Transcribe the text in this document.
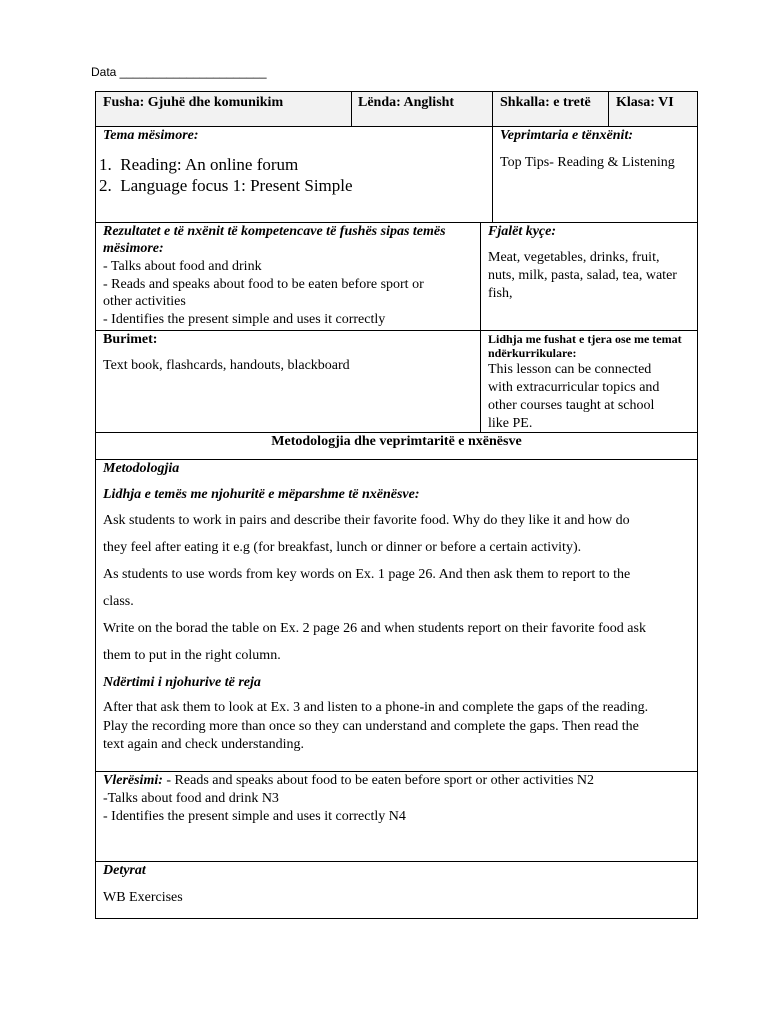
Data ______________________
Fusha: Gjuhë dhe komunikim	Lënda: Anglisht	Shkalla: e tretë Klasa: VI
Tema mësimore:
1.  Reading: An online forum
2.  Language focus 1: Present Simple
Veprimtaria e tënxënit:
Top Tips- Reading & Listening
Rezultatet e të nxënit të kompetencave të fushës sipas temës
mësimore:
- Talks about food and drink
- Reads and speaks about food to be eaten before sport or
other activities
- Identifies the present simple and uses it correctly
Fjalët kyçe:
Meat, vegetables, drinks, fruit,
nuts, milk, pasta, salad, tea, water
fish,
Burimet:
Text book, flashcards, handouts, blackboard
Lidhja me fushat e tjera ose me temat
ndërkurrikulare:
This lesson can be connected
with extracurricular topics and
other courses taught at school
like PE.
Metodologjia dhe veprimtaritë e nxënësve
Metodologjia
Lidhja e temës me njohuritë e mëparshme të nxënësve:
Ask students to work in pairs and describe their favorite food. Why do they like it and how do
they feel after eating it e.g (for breakfast, lunch or dinner or before a certain activity).
As students to use words from key words on Ex. 1 page 26. And then ask them to report to the
class.
Write on the borad the table on Ex. 2 page 26 and when students report on their favorite food ask
them to put in the right column.
Ndërtimi i njohurive të reja
After that ask them to look at Ex. 3 and listen to a phone-in and complete the gaps of the reading.
Play the recording more than once so they can understand and complete the gaps. Then read the
text again and check understanding.
Vlerësimi: - Reads and speaks about food to be eaten before sport or other activities N2
-Talks about food and drink N3
- Identifies the present simple and uses it correctly N4
Detyrat
WB Exercises
